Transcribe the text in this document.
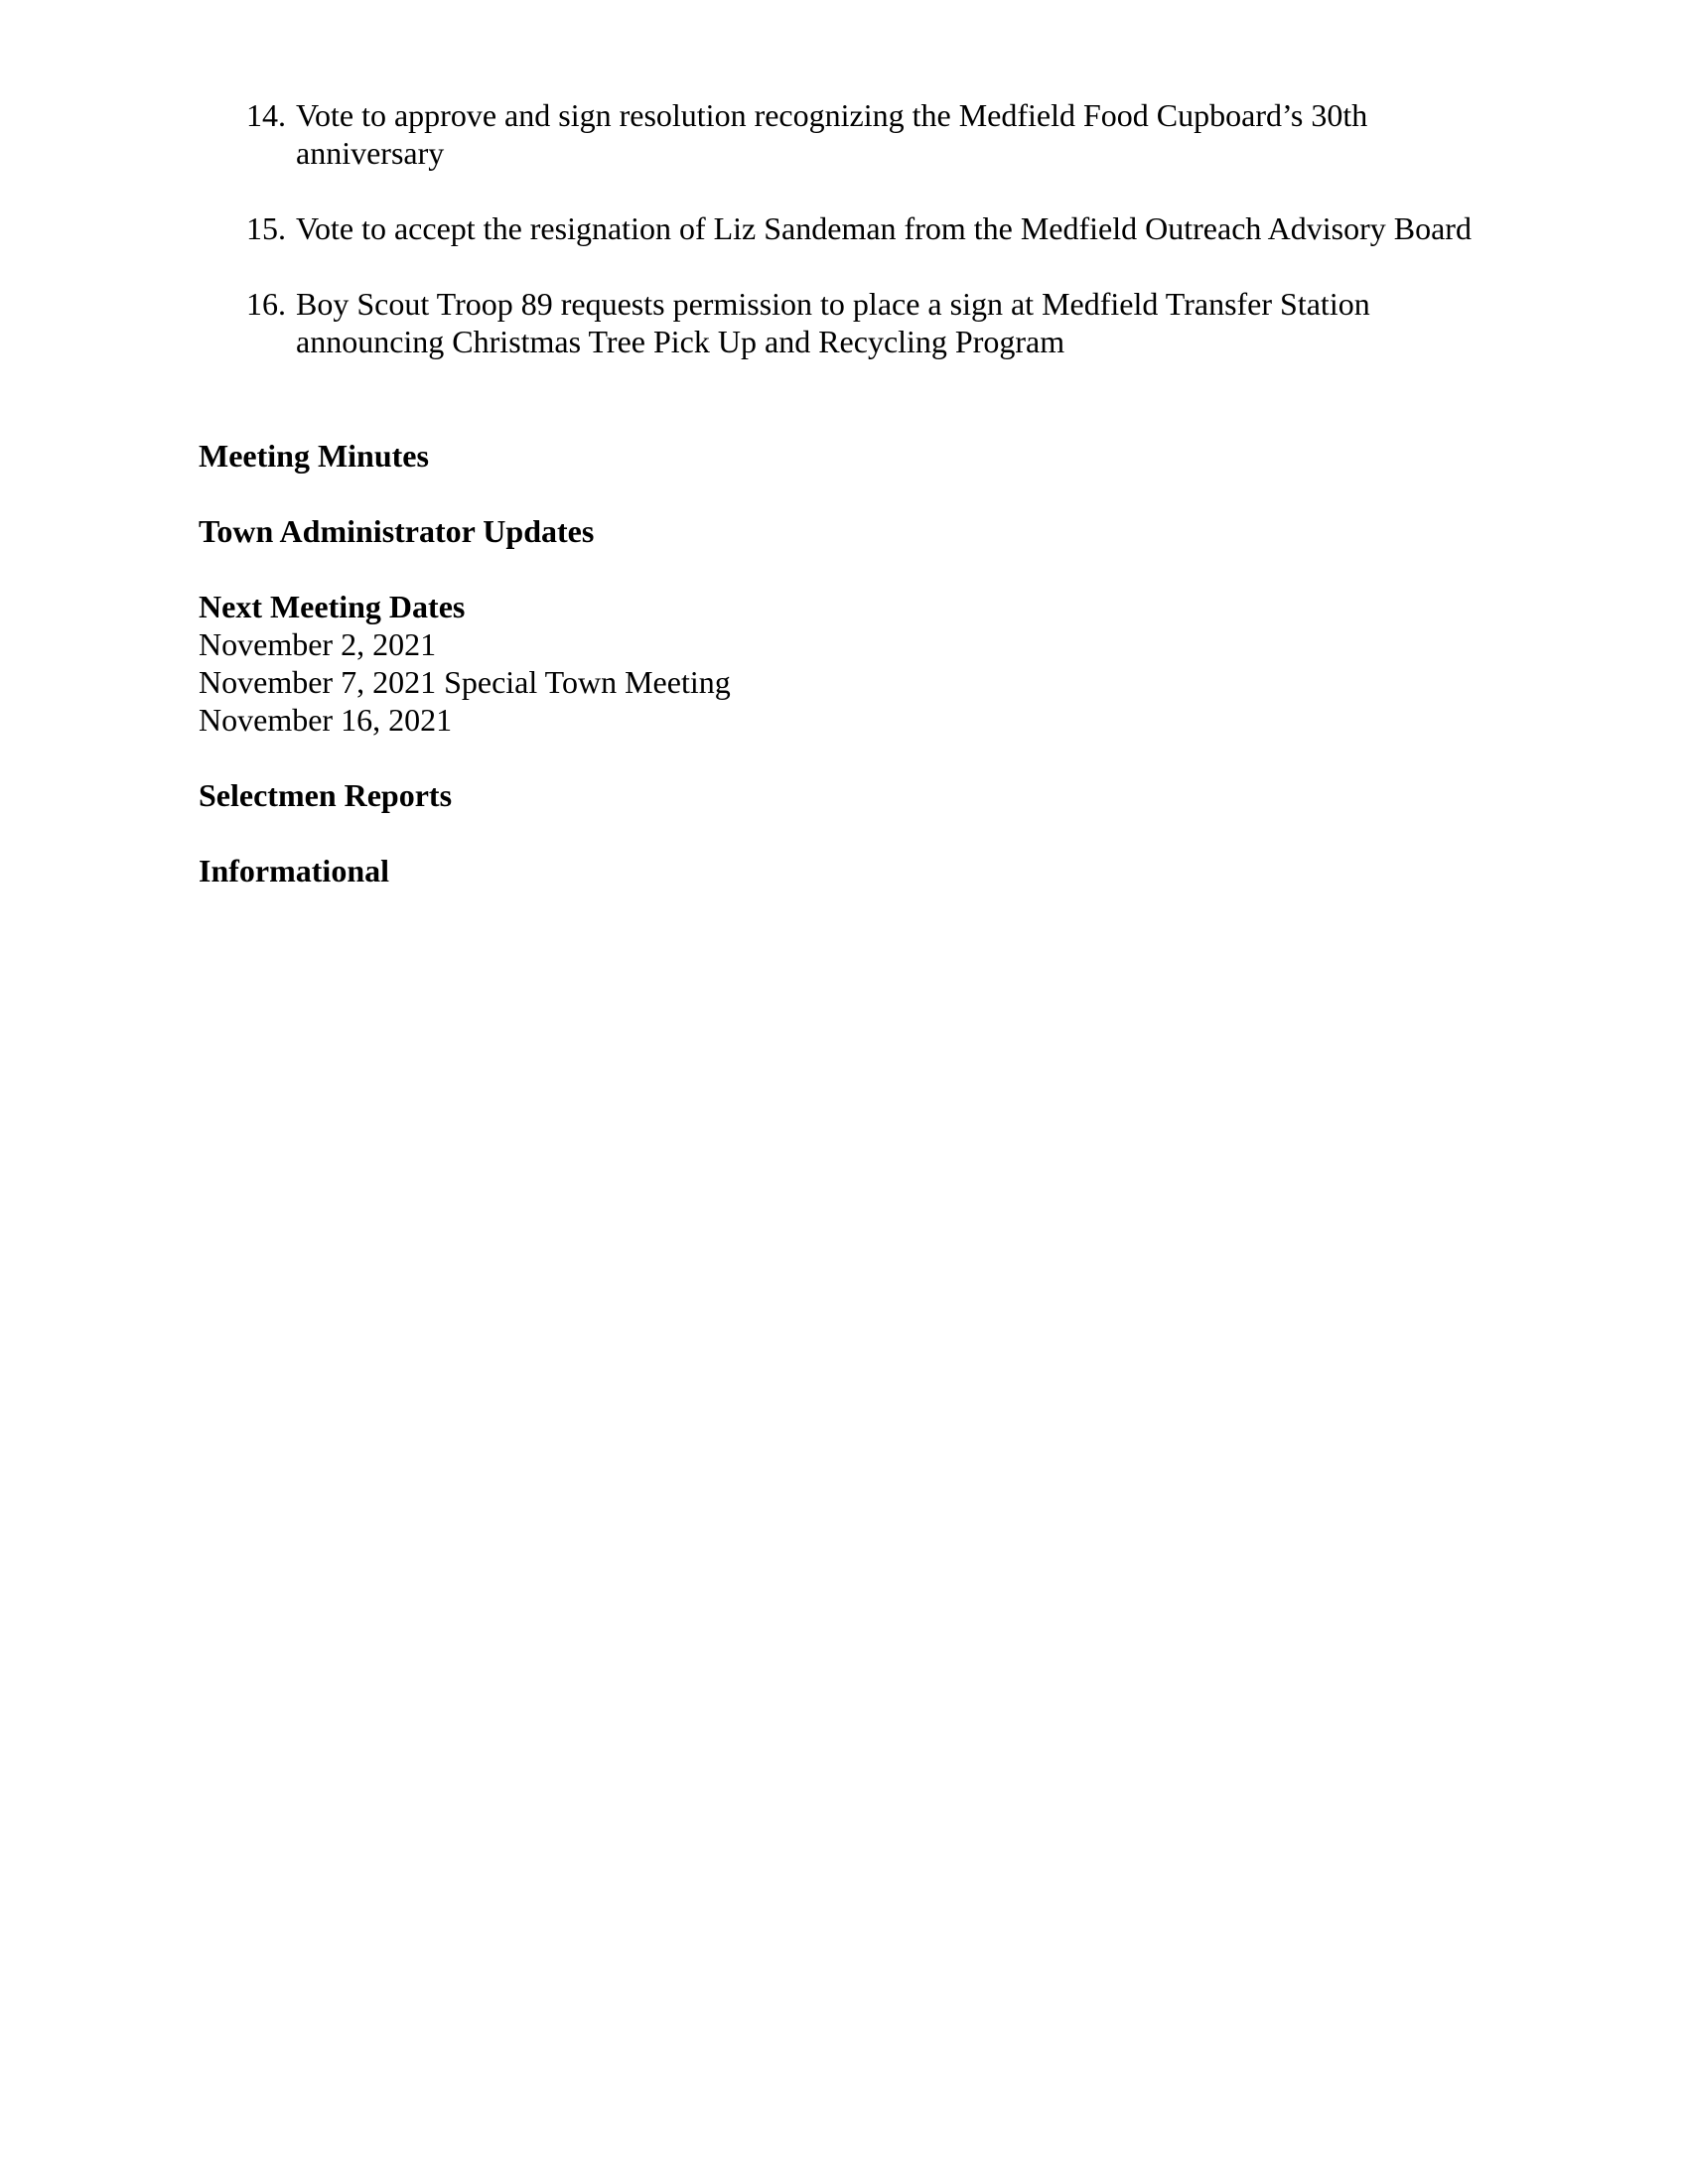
14. Vote to approve and sign resolution recognizing the Medfield Food Cupboard’s 30th anniversary
15. Vote to accept the resignation of Liz Sandeman from the Medfield Outreach Advisory Board
16. Boy Scout Troop 89 requests permission to place a sign at Medfield Transfer Station announcing Christmas Tree Pick Up and Recycling Program

Meeting Minutes

Town Administrator Updates

Next Meeting Dates

November 2, 2021

November 7, 2021 Special Town Meeting

November 16, 2021

Selectmen Reports

Informational
